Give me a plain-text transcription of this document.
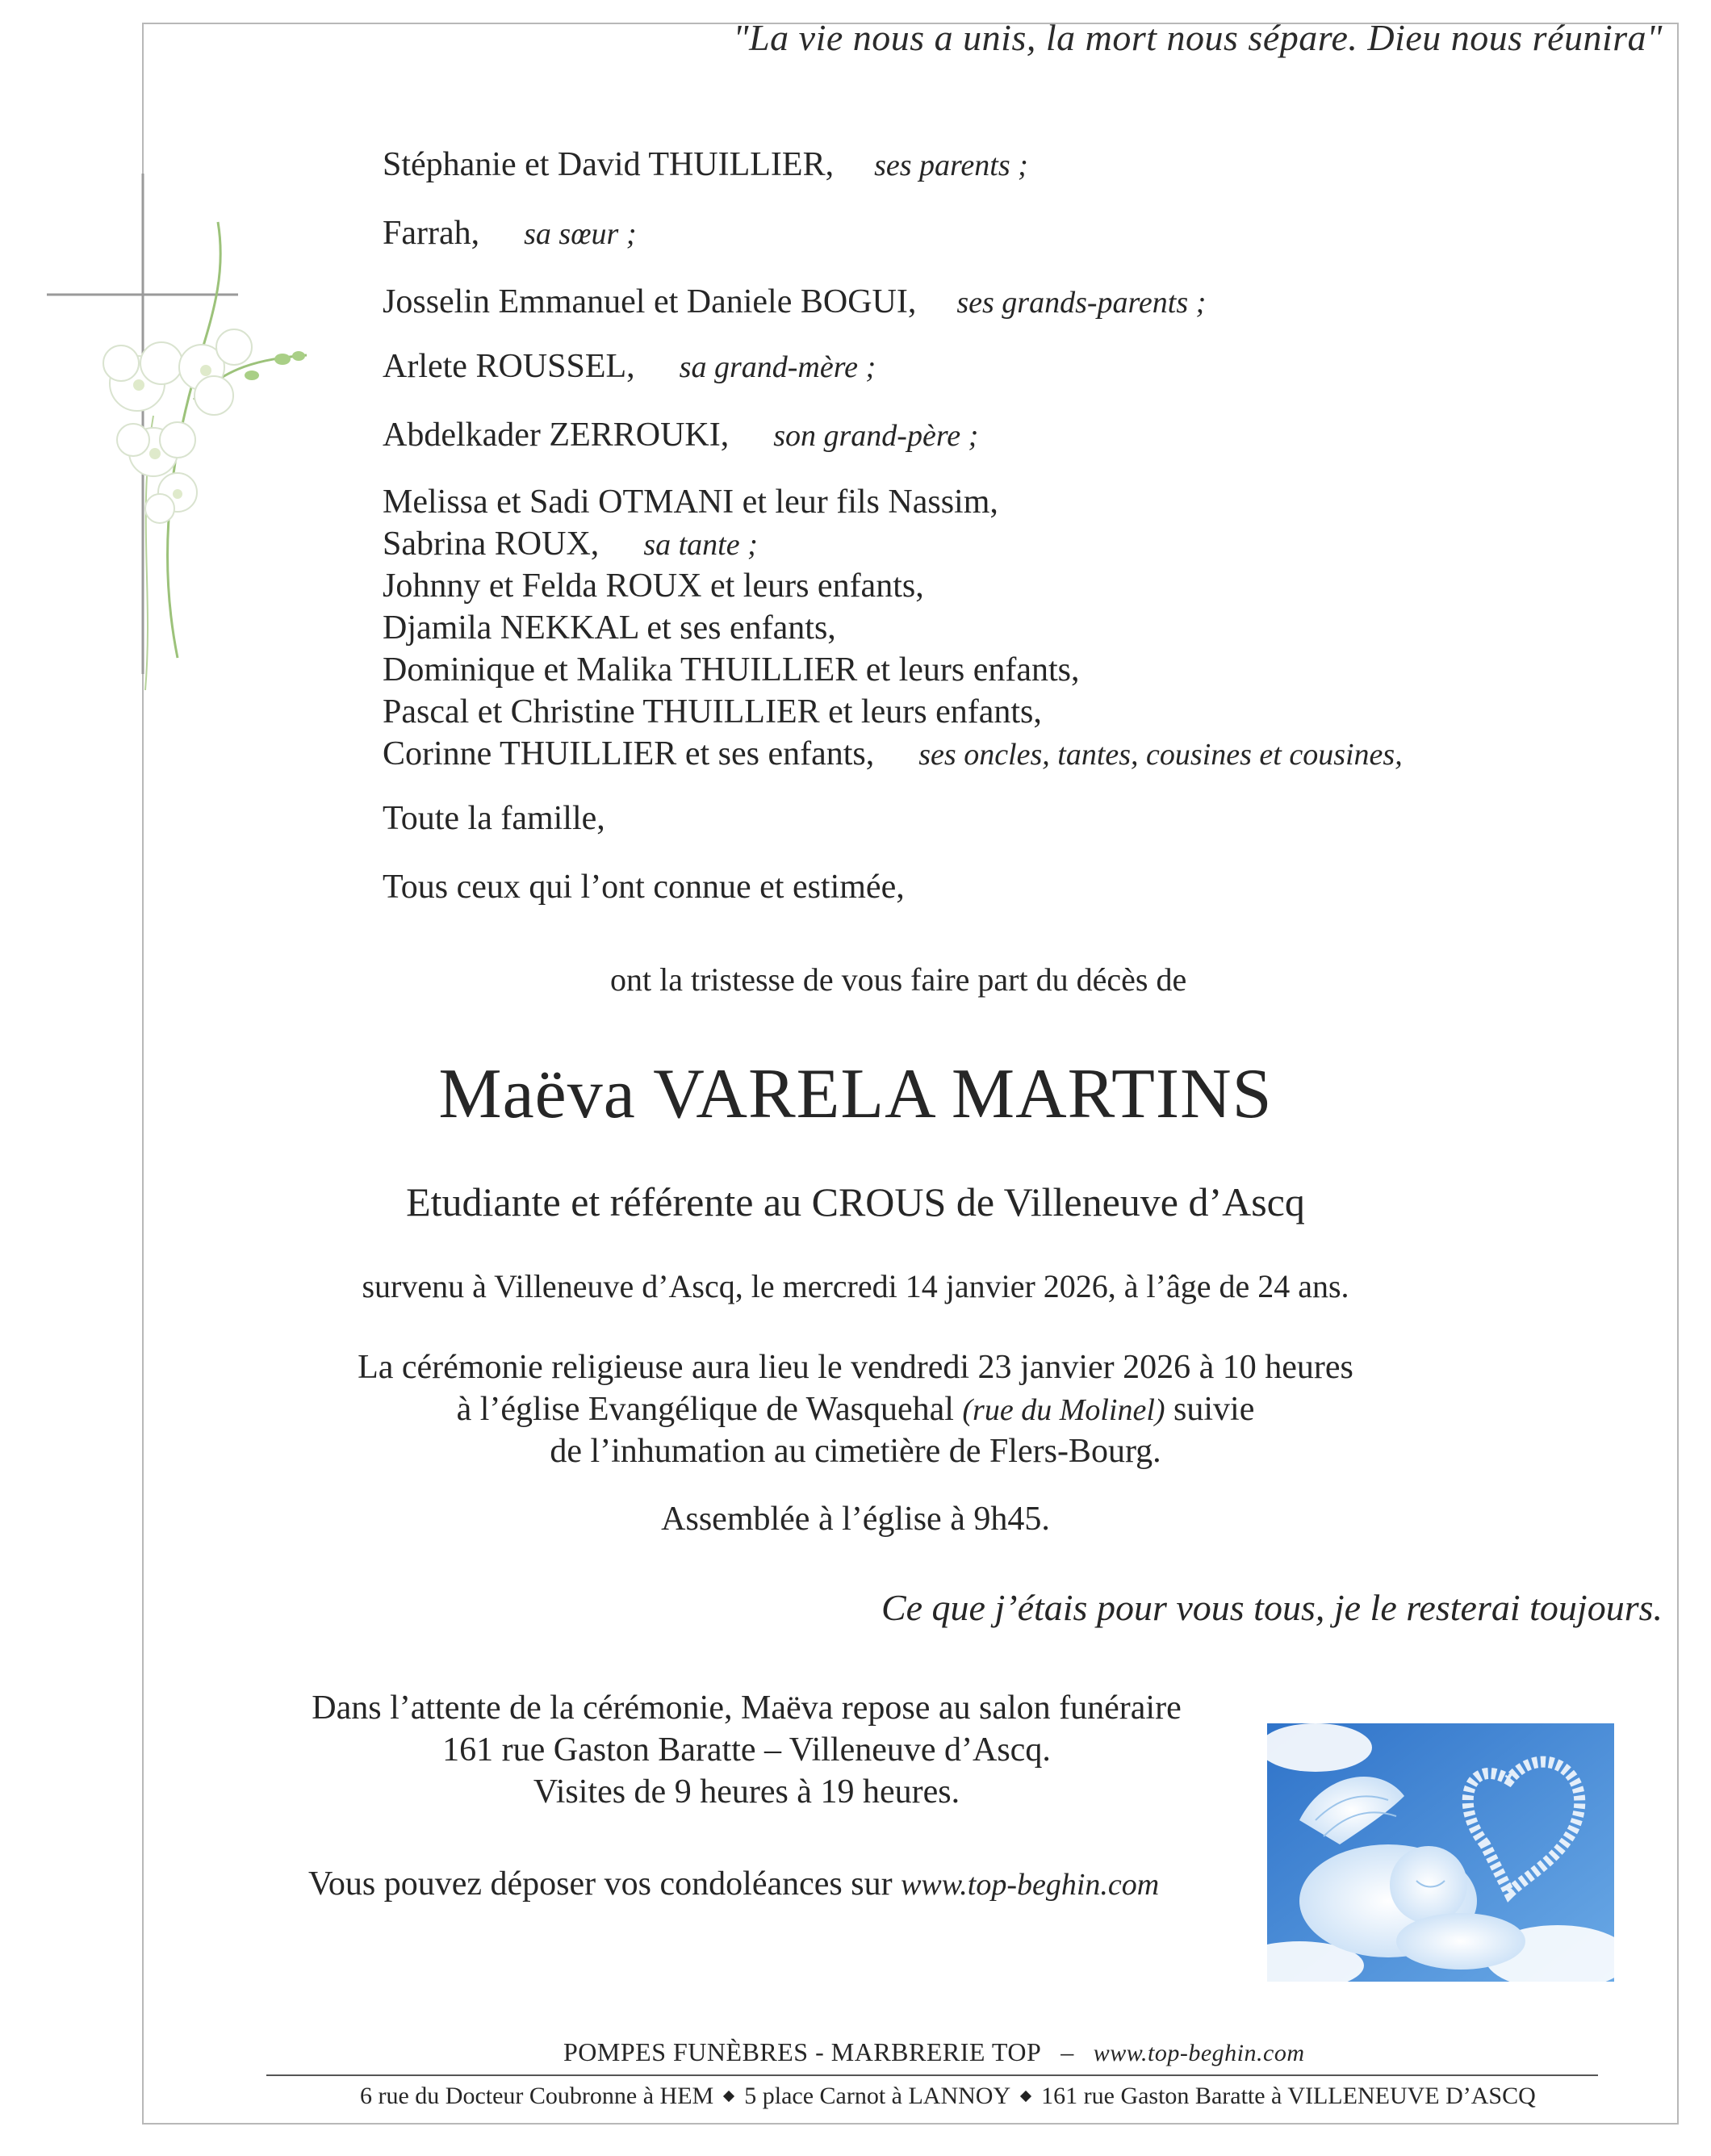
"La vie nous a unis, la mort nous sépare. Dieu nous réunira"
Stéphanie et David THUILLIER, ses parents ;
Farrah, sa sœur ;
Josselin Emmanuel et Daniele BOGUI, ses grands-parents ;
Arlete ROUSSEL, sa grand-mère ;
Abdelkader ZERROUKI, son grand-père ;
Melissa et Sadi OTMANI et leur fils Nassim,
Sabrina ROUX, sa tante ;
Johnny et Felda ROUX et leurs enfants,
Djamila NEKKAL et ses enfants,
Dominique et Malika THUILLIER et leurs enfants,
Pascal et Christine THUILLIER et leurs enfants,
Corinne THUILLIER et ses enfants, ses oncles, tantes, cousines et cousines,
Toute la famille,
Tous ceux qui l’ont connue et estimée,
ont la tristesse de vous faire part du décès de
Maëva VARELA MARTINS
Etudiante et référente au CROUS de Villeneuve d’Ascq
survenu à Villeneuve d’Ascq, le mercredi 14 janvier 2026, à l’âge de 24 ans.
La cérémonie religieuse aura lieu le vendredi 23 janvier 2026 à 10 heures
à l’église Evangélique de Wasquehal (rue du Molinel) suivie
de l’inhumation au cimetière de Flers-Bourg.
Assemblée à l’église à 9h45.
Ce que j’étais pour vous tous, je le resterai toujours.
Dans l’attente de la cérémonie, Maëva repose au salon funéraire
161 rue Gaston Baratte – Villeneuve d’Ascq.
Visites de 9 heures à 19 heures.
Vous pouvez déposer vos condoléances sur www.top-beghin.com
POMPES FUNÈBRES - MARBRERIE TOP – www.top-beghin.com
6 rue du Docteur Coubronne à HEM 5 place Carnot à LANNOY 161 rue Gaston Baratte à VILLENEUVE D’ASCQ
